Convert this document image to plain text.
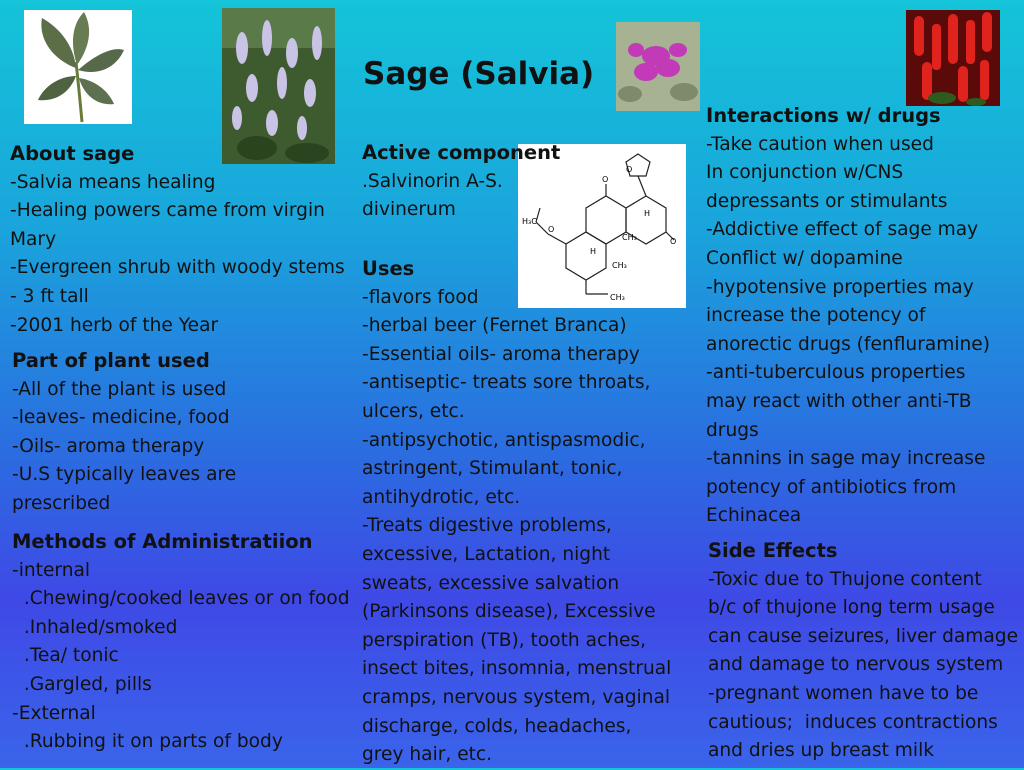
Sage (Salvia)
O
O
O
O
H₃C
CH₃
CH₃
CH₃
H
H
About sage
-Salvia means healing
-Healing powers came from virgin
Mary
-Evergreen shrub with woody stems
- 3 ft tall
-2001 herb of the Year
Part of plant used
-All of the plant is used
-leaves- medicine, food
-Oils- aroma therapy
-U.S typically leaves are
prescribed
Methods of Administratiion
-internal
.Chewing/cooked leaves or on food
.Inhaled/smoked
.Tea/ tonic
.Gargled, pills
-External
.Rubbing it on parts of body
Active component
.Salvinorin A-S.
divinerum
Uses
-flavors food
-herbal beer (Fernet Branca)
-Essential oils- aroma therapy
-antiseptic- treats sore throats,
ulcers, etc.
-antipsychotic, antispasmodic,
astringent, Stimulant, tonic,
antihydrotic, etc.
-Treats digestive problems,
excessive, Lactation, night
sweats, excessive salvation
(Parkinsons disease), Excessive
perspiration (TB), tooth aches,
insect bites, insomnia, menstrual
cramps, nervous system, vaginal
discharge, colds, headaches,
grey hair, etc.
Interactions w/ drugs
-Take caution when used
In conjunction w/CNS
depressants or stimulants
-Addictive effect of sage may
Conflict w/ dopamine
-hypotensive properties may
increase the potency of
anorectic drugs (fenfluramine)
-anti-tuberculous properties
may react with other anti-TB
drugs
-tannins in sage may increase
potency of antibiotics from
Echinacea
Side Effects
-Toxic due to Thujone content
b/c of thujone long term usage
can cause seizures, liver damage
and damage to nervous system
-pregnant women have to be
cautious;  induces contractions
and dries up breast milk
